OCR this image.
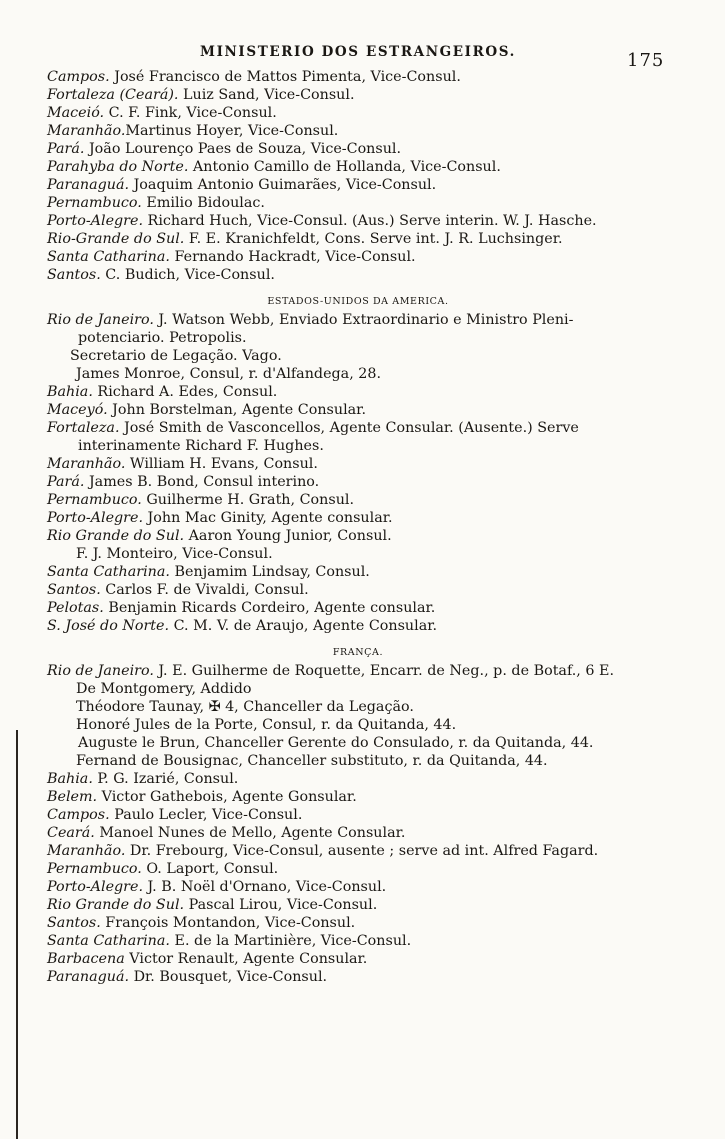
MINISTERIO DOS ESTRANGEIROS.	175
Campos. José Francisco de Mattos Pimenta, Vice-Consul.
Fortaleza (Ceará). Luiz Sand, Vice-Consul.
Maceió. C. F. Fink, Vice-Consul.
Maranhão.Martinus Hoyer, Vice-Consul.
Pará. João Lourenço Paes de Souza, Vice-Consul.
Parahyba do Norte. Antonio Camillo de Hollanda, Vice-Consul.
Paranaguá. Joaquim Antonio Guimarães, Vice-Consul.
Pernambuco. Emilio Bidoulac.
Porto-Alegre. Richard Huch, Vice-Consul. (Aus.) Serve interin. W. J. Hasche.
Rio-Grande do Sul. F. E. Kranichfeldt, Cons. Serve int. J. R. Luchsinger.
Santa Catharina. Fernando Hackradt, Vice-Consul.
Santos. C. Budich, Vice-Consul.
ESTADOS-UNIDOS DA AMERICA.
Rio de Janeiro. J. Watson Webb, Enviado Extraordinario e Ministro Pleni-
potenciario. Petropolis.
Secretario de Legação. Vago.
James Monroe, Consul, r. d'Alfandega, 28.
Bahia. Richard A. Edes, Consul.
Maceyó. John Borstelman, Agente Consular.
Fortaleza. José Smith de Vasconcellos, Agente Consular. (Ausente.) Serve
interinamente Richard F. Hughes.
Maranhão. William H. Evans, Consul.
Pará. James B. Bond, Consul interino.
Pernambuco. Guilherme H. Grath, Consul.
Porto-Alegre. John Mac Ginity, Agente consular.
Rio Grande do Sul. Aaron Young Junior, Consul.
F. J. Monteiro, Vice-Consul.
Santa Catharina. Benjamim Lindsay, Consul.
Santos. Carlos F. de Vivaldi, Consul.
Pelotas. Benjamin Ricards Cordeiro, Agente consular.
S. José do Norte. C. M. V. de Araujo, Agente Consular.
FRANÇA.
Rio de Janeiro. J. E. Guilherme de Roquette, Encarr. de Neg., p. de Botaf., 6 E.
De Montgomery, Addido
Théodore Taunay, ✠ 4, Chanceller da Legação.
Honoré Jules de la Porte, Consul, r. da Quitanda, 44.
Auguste le Brun, Chanceller Gerente do Consulado, r. da Quitanda, 44.
Fernand de Bousignac, Chanceller substituto, r. da Quitanda, 44.
Bahia. P. G. Izarié, Consul.
Belem. Victor Gathebois, Agente Gonsular.
Campos. Paulo Lecler, Vice-Consul.
Ceará. Manoel Nunes de Mello, Agente Consular.
Maranhão. Dr. Frebourg, Vice-Consul, ausente ; serve ad int. Alfred Fagard.
Pernambuco. O. Laport, Consul.
Porto-Alegre. J. B. Noël d'Ornano, Vice-Consul.
Rio Grande do Sul. Pascal Lirou, Vice-Consul.
Santos. François Montandon, Vice-Consul.
Santa Catharina. E. de la Martinière, Vice-Consul.
Barbacena Victor Renault, Agente Consular.
Paranaguá. Dr. Bousquet, Vice-Consul.
